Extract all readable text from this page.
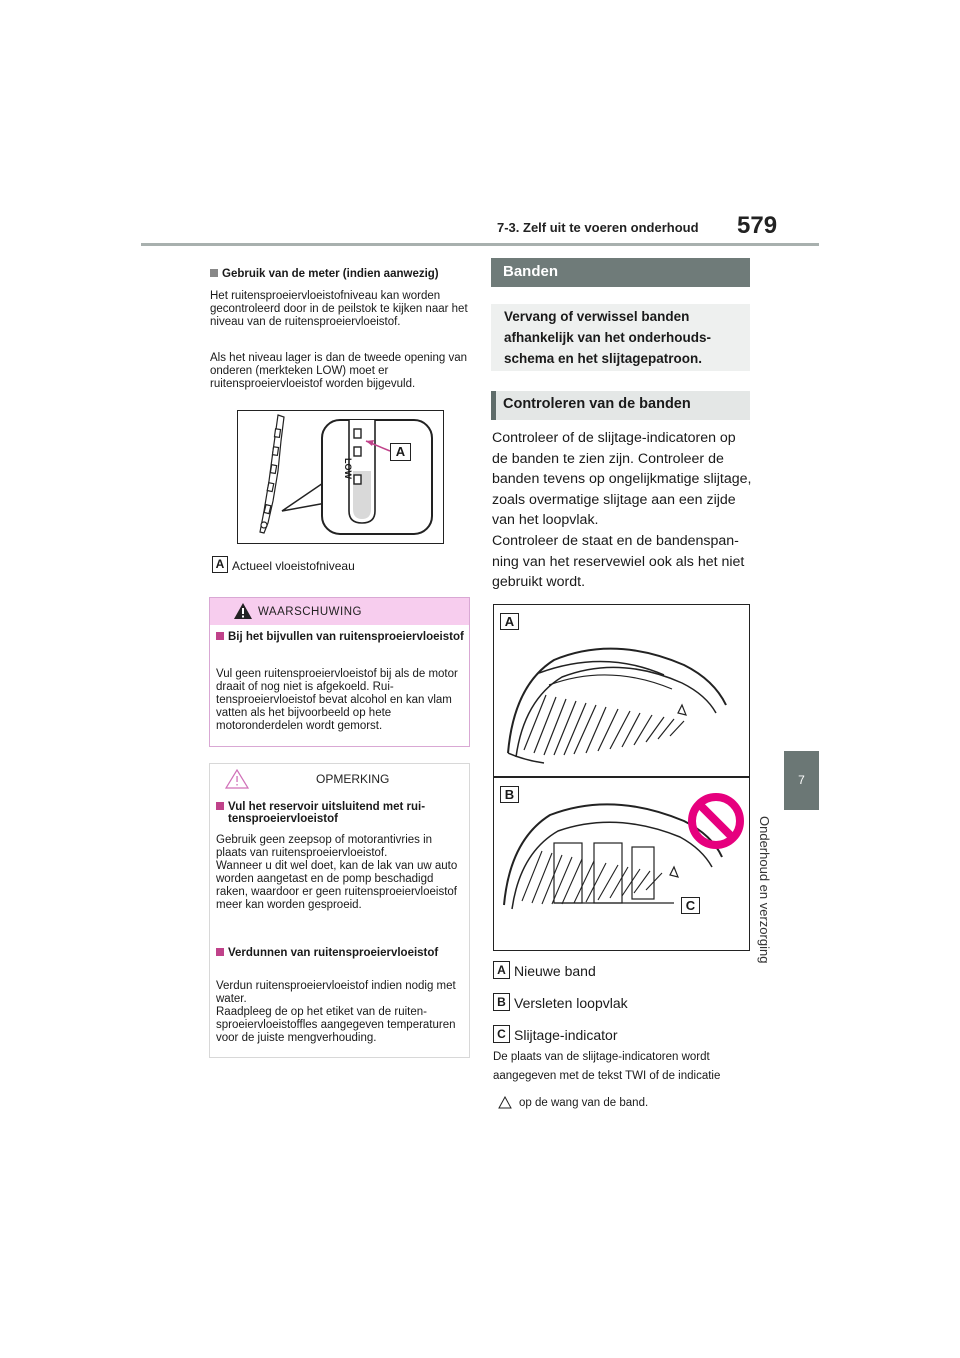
7-3. Zelf uit te voeren onderhoud 579
7
Onderhoud en verzorging
Gebruik van de meter (indien aanwezig)
Het ruitensproeiervloeistofniveau kan worden gecontroleerd door in de peilstok te kijken naar het niveau van de ruitensproeiervloeistof.
Als het niveau lager is dan de tweede opening van onderen (merkteken LOW) moet er ruitensproeiervloeistof worden bijgevuld.
LOW
A
A Actueel vloeistofniveau
WAARSCHUWING
Bij het bijvullen van ruitensproeiervloeistof
Vul geen ruitensproeiervloeistof bij als de motor draait of nog niet is afgekoeld. Ruitensproeiervloeistof bevat alcohol en kan vlam vatten als het bijvoorbeeld op hete motoronderdelen wordt gemorst.
OPMERKING
Vul het reservoir uitsluitend met ruitensproeiervloeistof
Gebruik geen zeepsop of motorantivries in plaats van ruitensproeiervloeistof.
Wanneer u dit wel doet, kan de lak van uw auto worden aangetast en de pomp beschadigd raken, waardoor er geen ruitensproeiervloeistof meer kan worden gesproeid.
Verdunnen van ruitensproeiervloeistof
Verdun ruitensproeiervloeistof indien nodig met water.
Raadpleeg de op het etiket van de ruitensproeiervloeistoffles aangegeven temperaturen voor de juiste mengverhouding.
Banden
Vervang of verwissel banden afhankelijk van het onderhoudsschema en het slijtagepatroon.
Controleren van de banden
Controleer of de slijtage-indicatoren op de banden te zien zijn. Controleer de banden tevens op ongelijkmatige slijtage, zoals overmatige slijtage aan een zijde van het loopvlak.
Controleer de staat en de bandenspanning van het reservewiel ook als het niet gebruikt wordt.
A
B
C
A Nieuwe band
B Versleten loopvlak
C Slijtage-indicator
De plaats van de slijtage-indicatoren wordt
aangegeven met de tekst TWI of de indicatie
op de wang van de band.
